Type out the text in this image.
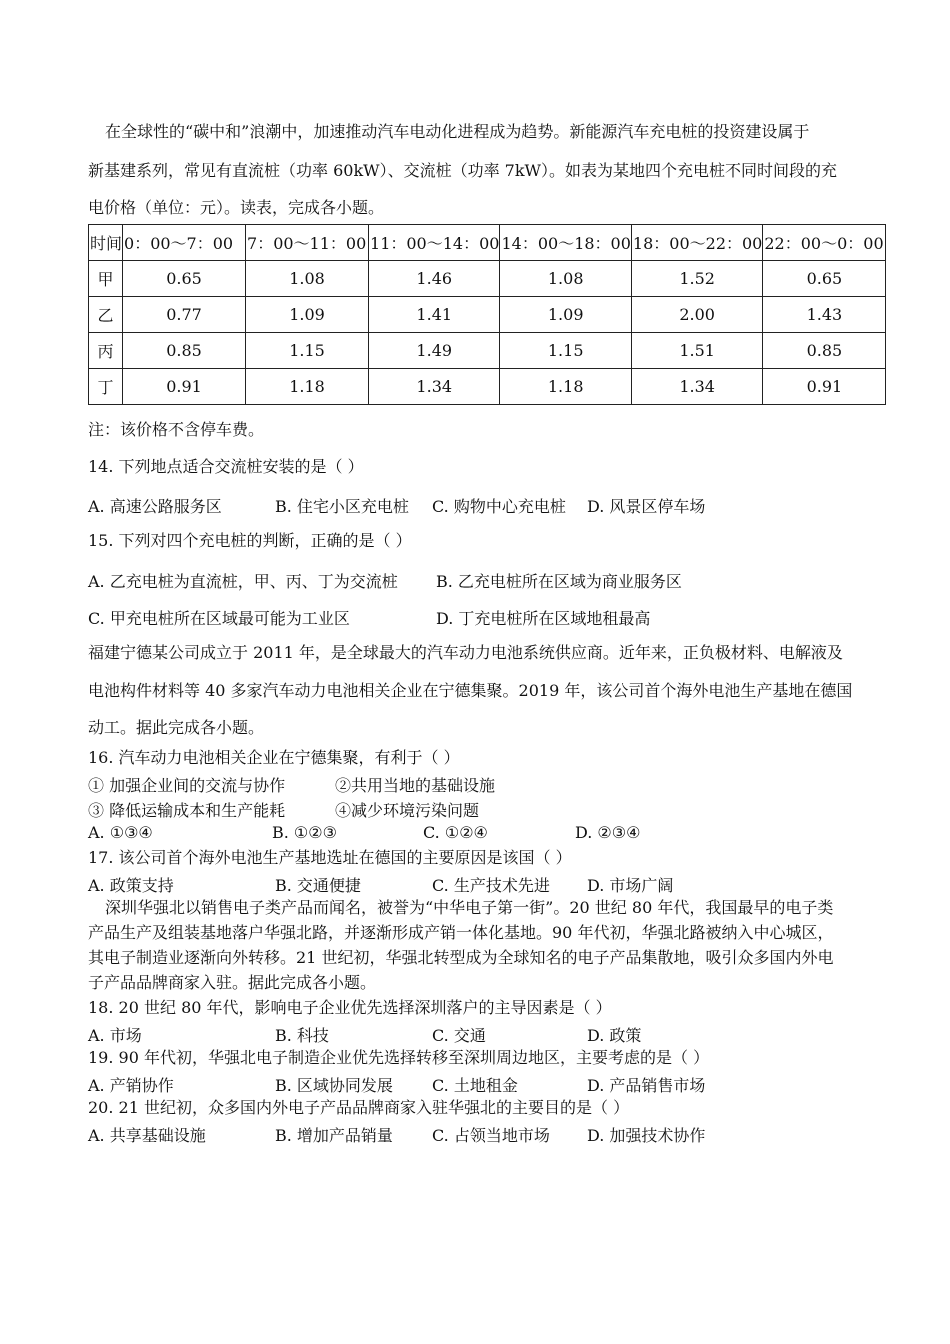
在全球性的“碳中和”浪潮中，加速推动汽车电动化进程成为趋势。新能源汽车充电桩的投资建设属于
新基建系列，常见有直流桩（功率 60kW）、交流桩（功率 7kW）。如表为某地四个充电桩不同时间段的充
电价格（单位：元）。读表，完成各小题。
时间	0：00～7：00	7：00～11：00	11：00～14：00	14：00～18：00	18：00～22：00	22：00～0：00
甲	0.65	1.08	1.46	1.08	1.52	0.65
乙	0.77	1.09	1.41	1.09	2.00	1.43
丙	0.85	1.15	1.49	1.15	1.51	0.85
丁	0.91	1.18	1.34	1.18	1.34	0.91
注：该价格不含停车费。
14. 下列地点适合交流桩安装的是（ ）
A. 高速公路服务区	B. 住宅小区充电桩 C. 购物中心充电桩 D. 风景区停车场
15. 下列对四个充电桩的判断，正确的是（ ）
A. 乙充电桩为直流桩，甲、丙、丁为交流桩 B. 乙充电桩所在区域为商业服务区
C. 甲充电桩所在区域最可能为工业区	D. 丁充电桩所在区域地租最高
福建宁德某公司成立于 2011 年，是全球最大的汽车动力电池系统供应商。近年来，正负极材料、电解液及
电池构件材料等 40 多家汽车动力电池相关企业在宁德集聚。2019 年，该公司首个海外电池生产基地在德国
动工。据此完成各小题。
16. 汽车动力电池相关企业在宁德集聚，有利于（ ）
① 加强企业间的交流与协作	②共用当地的基础设施
③ 降低运输成本和生产能耗	④减少环境污染问题
A. ①③④	B. ①②③	C. ①②④	D. ②③④
17. 该公司首个海外电池生产基地选址在德国的主要原因是该国（ ）
A. 政策支持	B. 交通便捷	C. 生产技术先进 D. 市场广阔
深圳华强北以销售电子类产品而闻名，被誉为“中华电子第一街”。20 世纪 80 年代，我国最早的电子类
产品生产及组装基地落户华强北路，并逐渐形成产销一体化基地。90 年代初，华强北路被纳入中心城区，
其电子制造业逐渐向外转移。21 世纪初，华强北转型成为全球知名的电子产品集散地，吸引众多国内外电
子产品品牌商家入驻。据此完成各小题。
18. 20 世纪 80 年代，影响电子企业优先选择深圳落户的主导因素是（ ）
A. 市场	B. 科技	C. 交通	D. 政策
19. 90 年代初，华强北电子制造企业优先选择转移至深圳周边地区，主要考虑的是（ ）
A. 产销协作	B. 区域协同发展 C. 土地租金	D. 产品销售市场
20. 21 世纪初，众多国内外电子产品品牌商家入驻华强北的主要目的是（ ）
A. 共享基础设施	B. 增加产品销量 C. 占领当地市场 D. 加强技术协作
